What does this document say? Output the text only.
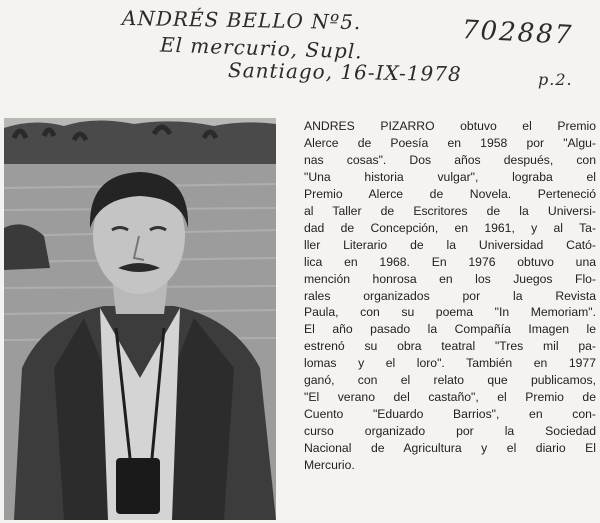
ANDRÉS BELLO Nº5.
El mercurio, Supl.
Santiago, 16-IX-1978
702887
p.2.
ANDRES PIZARRO obtuvo el Premio
Alerce de Poesía en 1958 por "Algu-
nas cosas". Dos años después, con
"Una historia vulgar", lograba el
Premio Alerce de Novela. Perteneció
al Taller de Escritores de la Universi-
dad de Concepción, en 1961, y al Ta-
ller Literario de la Universidad Cató-
lica en 1968. En 1976 obtuvo una
mención honrosa en los Juegos Flo-
rales organizados por la Revista
Paula, con su poema "In Memoriam".
El año pasado la Compañía Imagen le
estrenó su obra teatral "Tres mil pa-
lomas y el loro". También en 1977
ganó, con el relato que publicamos,
"El verano del castaño", el Premio de
Cuento "Eduardo Barrios", en con-
curso organizado por la Sociedad
Nacional de Agricultura y el diario El
Mercurio.
